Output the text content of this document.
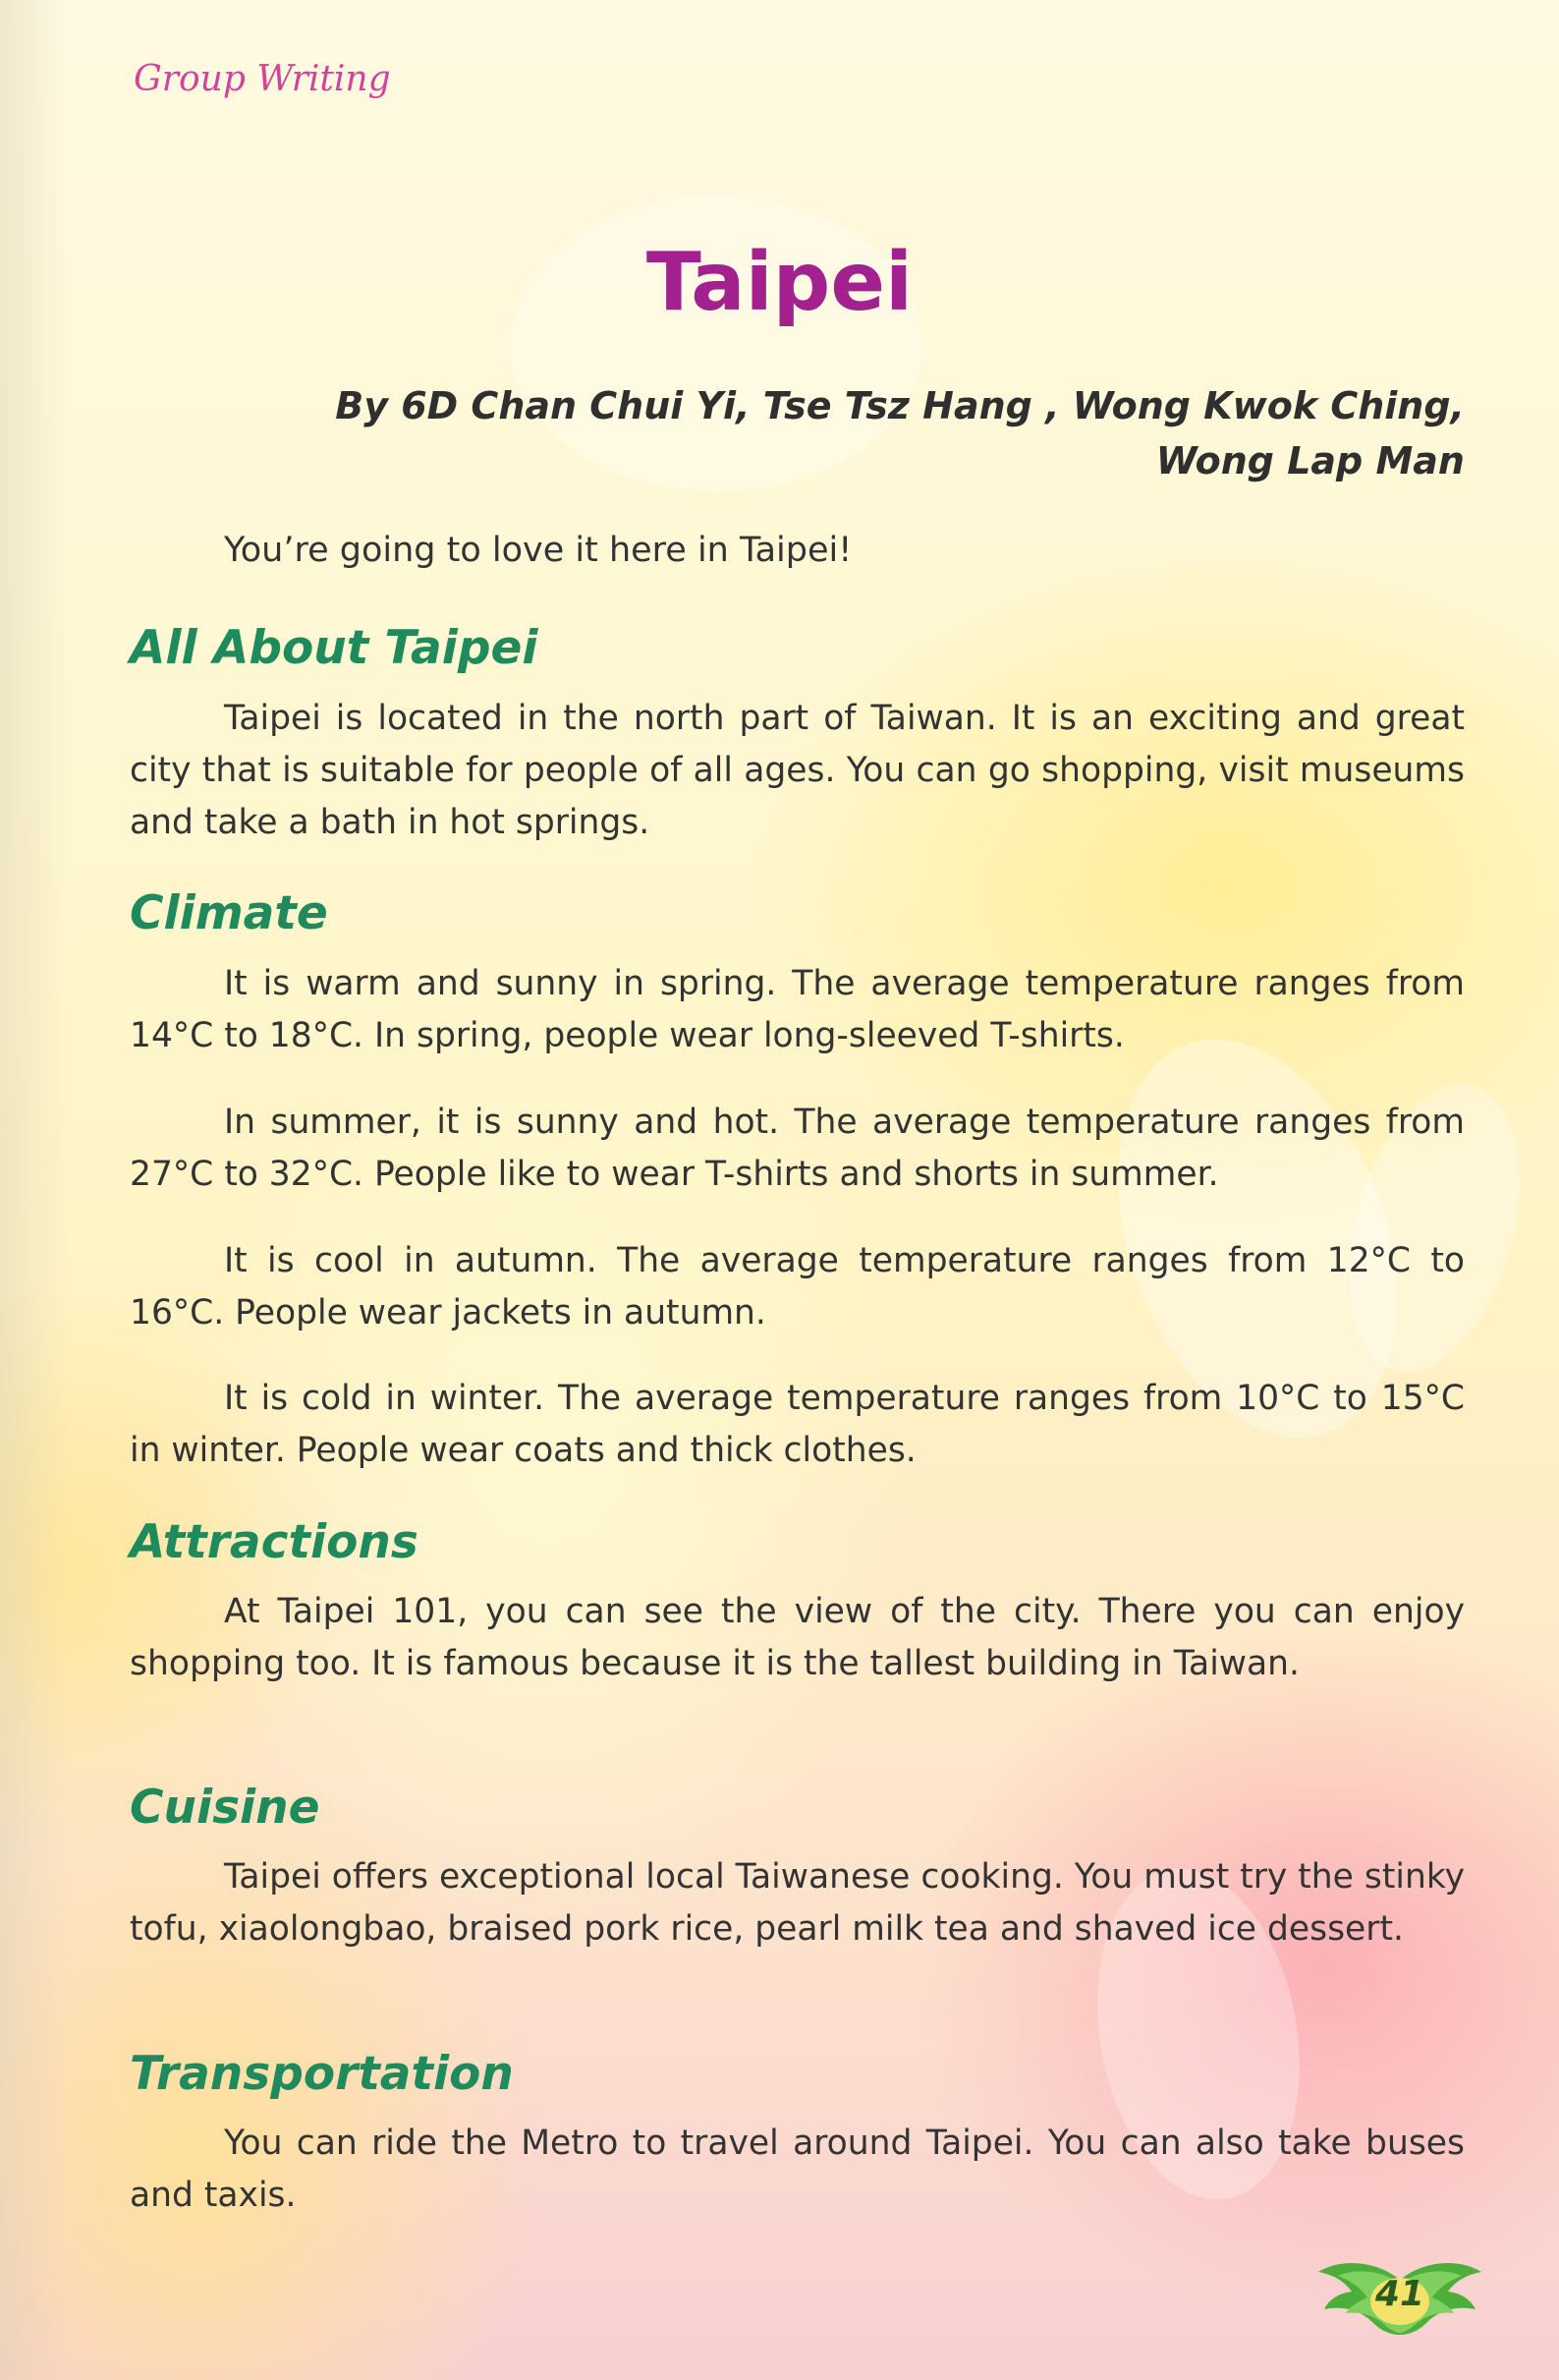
Group Writing
Taipei
By 6D Chan Chui Yi, Tse Tsz Hang , Wong Kwok Ching,
Wong Lap Man
You’re going to love it here in Taipei!
All About Taipei
Taipei is located in the north part of Taiwan. It is an exciting and great city that is suitable for people of all ages. You can go shopping, visit museums and take a bath in hot springs.
Climate
It is warm and sunny in spring. The average temperature ranges from 14°C to 18°C. In spring, people wear long-sleeved T-shirts.
In summer, it is sunny and hot. The average temperature ranges from 27°C to 32°C. People like to wear T-shirts and shorts in summer.
It is cool in autumn. The average temperature ranges from 12°C to 16°C. People wear jackets in autumn.
It is cold in winter. The average temperature ranges from 10°C to 15°C in winter. People wear coats and thick clothes.
Attractions
At Taipei 101, you can see the view of the city. There you can enjoy shopping too. It is famous because it is the tallest building in Taiwan.
Cuisine
Taipei offers exceptional local Taiwanese cooking. You must try the stinky tofu, xiaolongbao, braised pork rice, pearl milk tea and shaved ice dessert.
Transportation
You can ride the Metro to travel around Taipei. You can also take buses and taxis.
41
